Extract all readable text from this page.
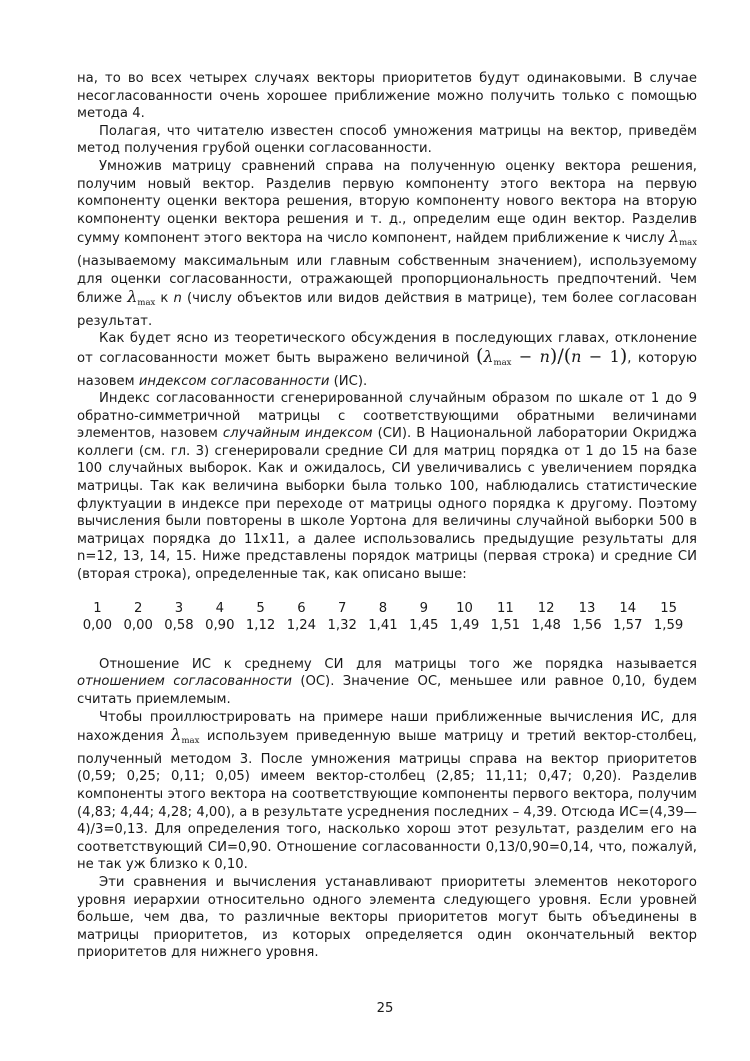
на, то во всех четырех случаях векторы приоритетов будут одинаковыми. В случае несогласованности очень хорошее приближение можно получить только с помощью метода 4.

Полагая, что читателю известен способ умножения матрицы на вектор, приведём метод получения грубой оценки согласованности.

Умножив матрицу сравнений справа на полученную оценку вектора решения, получим новый вектор. Разделив первую компоненту этого вектора на первую компоненту оценки вектора решения, вторую компоненту нового вектора на вторую компоненту оценки вектора решения и т. д., определим еще один вектор. Разделив сумму компонент этого вектора на число компонент, найдем приближение к числу $\lambda_{max}$ (называемому максимальным или главным собственным значением), используемому для оценки согласованности, отражающей пропорциональность предпочтений. Чем ближе $\lambda_{max}$ к n (числу объектов или видов действия в матрице), тем более согласован результат.

Как будет ясно из теоретического обсуждения в последующих главах, отклонение от согласованности может быть выражено величиной $(\lambda_{max} - n)/(n - 1)$, которую назовем индексом согласованности (ИС).

Индекс согласованности сгенерированной случайным образом по шкале от 1 до 9 обратно-симметричной матрицы с соответствующими обратными величинами элементов, назовем случайным индексом (СИ). В Национальной лаборатории Окриджа коллеги (см. гл. 3) сгенерировали средние СИ для матриц порядка от 1 до 15 на базе 100 случайных выборок. Как и ожидалось, СИ увеличивались с увеличением порядка матрицы. Так как величина выборки была только 100, наблюдались статистические флуктуации в индексе при переходе от матрицы одного порядка к другому. Поэтому вычисления были повторены в школе Уортона для величины случайной выборки 500 в матрицах порядка до 11х11, а далее использовались предыдущие результаты для n=12, 13, 14, 15. Ниже представлены порядок матрицы (первая строка) и средние СИ (вторая строка), определенные так, как описано выше:

1	2	3	4	5	6	7	8	9	10	11	12	13	14	15
0,00	0,00	0,58	0,90	1,12	1,24	1,32	1,41	1,45	1,49	1,51	1,48	1,56	1,57	1,59

Отношение ИС к среднему СИ для матрицы того же порядка называется отношением согласованности (ОС). Значение ОС, меньшее или равное 0,10, будем считать приемлемым.

Чтобы проиллюстрировать на примере наши приближенные вычисления ИС, для нахождения $\lambda_{max}$ используем приведенную выше матрицу и третий вектор-столбец, полученный методом 3. После умножения матрицы справа на вектор приоритетов (0,59; 0,25; 0,11; 0,05) имеем вектор-столбец (2,85; 11,11; 0,47; 0,20). Разделив компоненты этого вектора на соответствующие компоненты первого вектора, получим (4,83; 4,44; 4,28; 4,00), а в результате усреднения последних – 4,39. Отсюда ИС=(4,39—4)/3=0,13. Для определения того, насколько хорош этот результат, разделим его на соответствующий СИ=0,90. Отношение согласованности 0,13/0,90=0,14, что, пожалуй, не так уж близко к 0,10.

Эти сравнения и вычисления устанавливают приоритеты элементов некоторого уровня иерархии относительно одного элемента следующего уровня. Если уровней больше, чем два, то различные векторы приоритетов могут быть объединены в матрицы приоритетов, из которых определяется один окончательный вектор приоритетов для нижнего уровня.

25
